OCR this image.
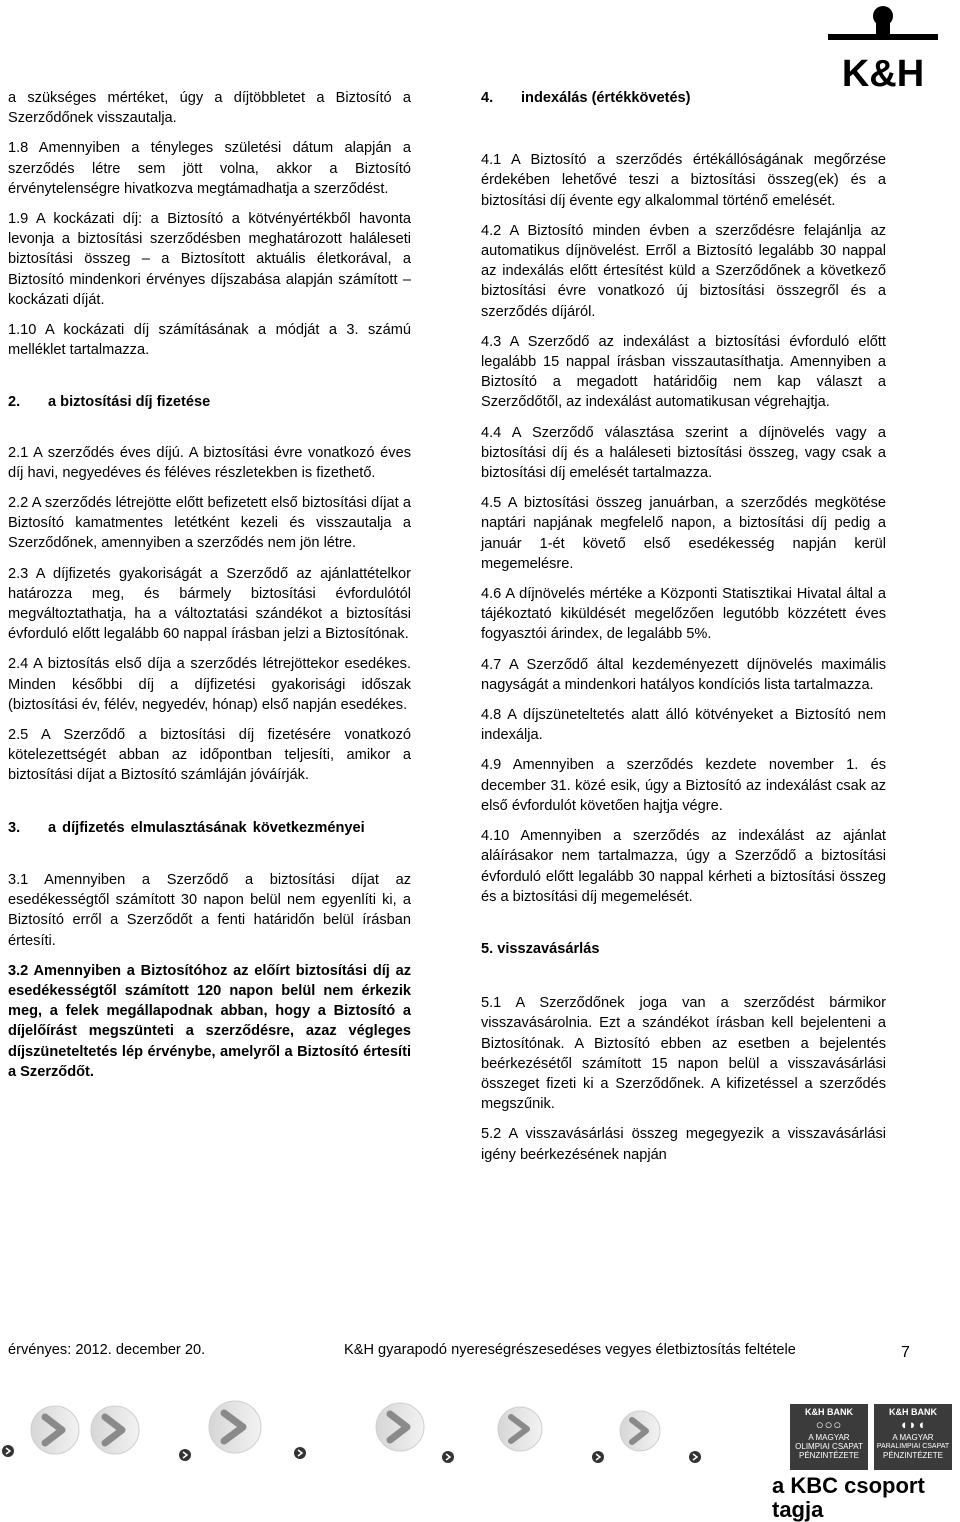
K&H

a szükséges mértéket, úgy a díjtöbbletet a Biztosító a Szerződőnek visszautalja.

1.8 Amennyiben a tényleges születési dátum alapján a szerződés létre sem jött volna, akkor a Biztosító érvénytelenségre hivatkozva megtámadhatja a szerződést.

1.9 A kockázati díj: a Biztosító a kötvényértékből havonta levonja a biztosítási szerződésben meghatározott haláleseti biztosítási összeg – a Biztosított aktuális életkorával, a Biztosító mindenkori érvényes díjszabása alapján számított – kockázati díját.

1.10 A kockázati díj számításának a módját a 3. számú melléklet tartalmazza.

2.	a biztosítási díj fizetése

2.1 A szerződés éves díjú. A biztosítási évre vonatkozó éves díj havi, negyedéves és féléves részletekben is fizethető.

2.2 A szerződés létrejötte előtt befizetett első biztosítási díjat a Biztosító kamatmentes letétként kezeli és visszautalja a Szerződőnek, amennyiben a szerződés nem jön létre.

2.3 A díjfizetés gyakoriságát a Szerződő az ajánlattételkor határozza meg, és bármely biztosítási évfordulótól megváltoztathatja, ha a változtatási szándékot a biztosítási évforduló előtt legalább 60 nappal írásban jelzi a Biztosítónak.

2.4 A biztosítás első díja a szerződés létrejöttekor esedékes. Minden későbbi díj a díjfizetési gyakorisági időszak (biztosítási év, félév, negyedév, hónap) első napján esedékes.

2.5 A Szerződő a biztosítási díj fizetésére vonatkozó kötelezettségét abban az időpontban teljesíti, amikor a biztosítási díjat a Biztosító számláján jóváírják.

3.	a díjfizetés elmulasztásának következményei

3.1 Amennyiben a Szerződő a biztosítási díjat az esedékességtől számított 30 napon belül nem egyenlíti ki, a Biztosító erről a Szerződőt a fenti határidőn belül írásban értesíti.

3.2 Amennyiben a Biztosítóhoz az előírt biztosítási díj az esedékességtől számított 120 napon belül nem érkezik meg, a felek megállapodnak abban, hogy a Biztosító a díjelőírást megszünteti a szerződésre, azaz végleges díjszüneteltetés lép érvénybe, amelyről a Biztosító értesíti a Szerződőt.

4.	indexálás (értékkövetés)

4.1 A Biztosító a szerződés értékállóságának megőrzése érdekében lehetővé teszi a biztosítási összeg(ek) és a biztosítási díj évente egy alkalommal történő emelését.

4.2 A Biztosító minden évben a szerződésre felajánlja az automatikus díjnövelést. Erről a Biztosító legalább 30 nappal az indexálás előtt értesítést küld a Szerződőnek a következő biztosítási évre vonatkozó új biztosítási összegről és a szerződés díjáról.

4.3 A Szerződő az indexálást a biztosítási évforduló előtt legalább 15 nappal írásban visszautasíthatja. Amennyiben a Biztosító a megadott határidőig nem kap választ a Szerződőtől, az indexálást automatikusan végrehajtja.

4.4 A Szerződő választása szerint a díjnövelés vagy a biztosítási díj és a haláleseti biztosítási összeg, vagy csak a biztosítási díj emelését tartalmazza.

4.5 A biztosítási összeg januárban, a szerződés megkötése naptári napjának megfelelő napon, a biztosítási díj pedig a január 1-ét követő első esedékesség napján kerül megemelésre.

4.6 A díjnövelés mértéke a Központi Statisztikai Hivatal által a tájékoztató kiküldését megelőzően legutóbb közzétett éves fogyasztói árindex, de legalább 5%.

4.7 A Szerződő által kezdeményezett díjnövelés maximális nagyságát a mindenkori hatályos kondíciós lista tartalmazza.

4.8 A díjszüneteltetés alatt álló kötvényeket a Biztosító nem indexálja.

4.9 Amennyiben a szerződés kezdete november 1. és december 31. közé esik, úgy a Biztosító az indexálást csak az első évfordulót követően hajtja végre.

4.10 Amennyiben a szerződés az indexálást az ajánlat aláírásakor nem tartalmazza, úgy a Szerződő a biztosítási évforduló előtt legalább 30 nappal kérheti a biztosítási összeg és a biztosítási díj megemelését.

5. visszavásárlás

5.1 A Szerződőnek joga van a szerződést bármikor visszavásárolnia. Ezt a szándékot írásban kell bejelenteni a Biztosítónak. A Biztosító ebben az esetben a bejelentés beérkezésétől számított 15 napon belül a visszavásárlási összeget fizeti ki a Szerződőnek. A kifizetéssel a szerződés megszűnik.

5.2 A visszavásárlási összeg megegyezik a visszavásárlási igény beérkezésének napján

érvényes: 2012. december 20.	K&H gyarapodó nyereségrészesedéses vegyes életbiztosítás feltétele	7
K&H BANK
○○○
A MAGYAR
OLIMPIAI CSAPAT
PÉNZINTÉZETE
K&H BANK
◖◗◖
A MAGYAR
PARALIMPIAI CSAPAT
PÉNZINTÉZETE
a KBC csoport tagja
